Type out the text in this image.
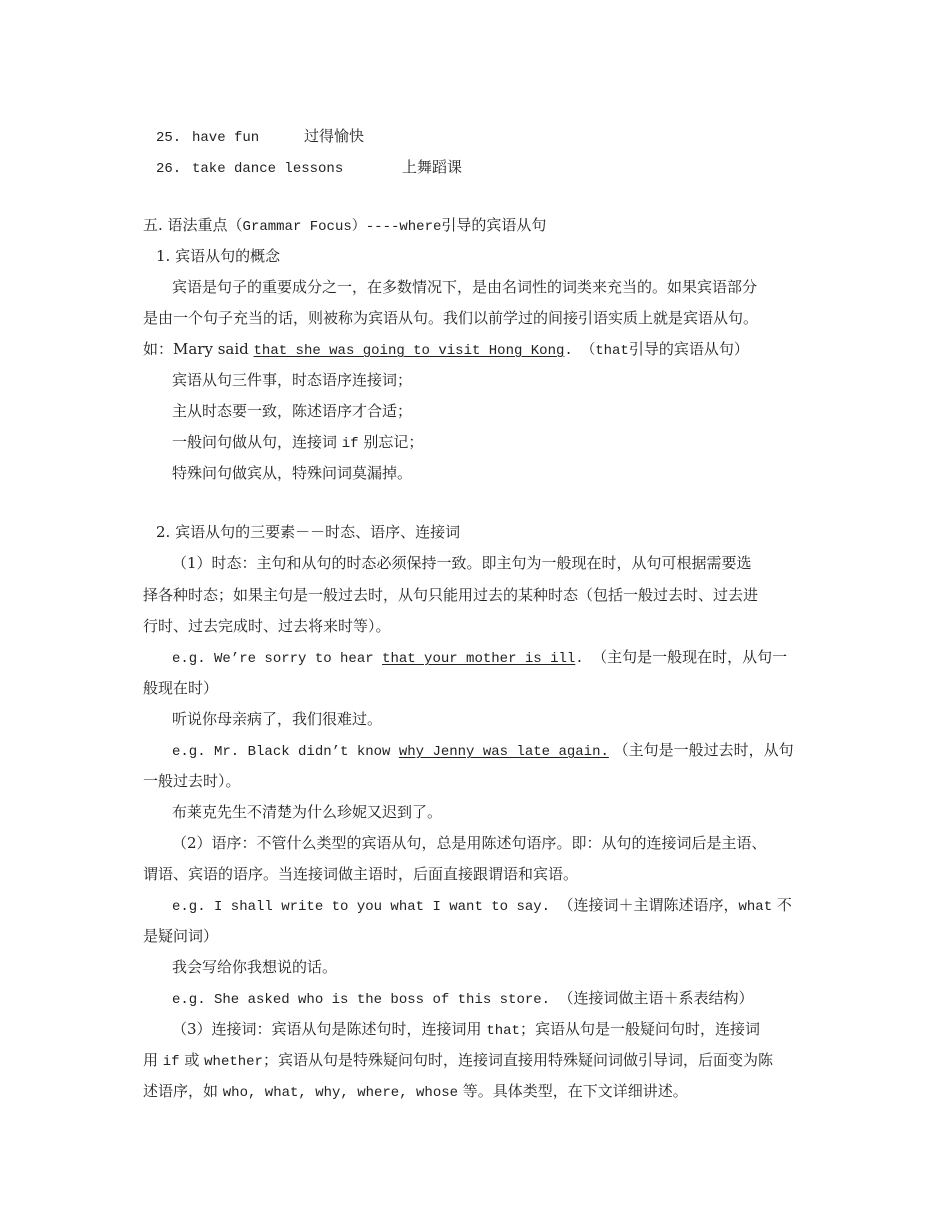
25. have fun	过得愉快
26. take dance lessons	上舞蹈课
五. 语法重点（Grammar Focus）----where引导的宾语从句
1. 宾语从句的概念
宾语是句子的重要成分之一，在多数情况下，是由名词性的词类来充当的。如果宾语部分
是由一个句子充当的话，则被称为宾语从句。我们以前学过的间接引语实质上就是宾语从句。
如：Mary said that she was going to visit Hong Kong. （that引导的宾语从句）
宾语从句三件事，时态语序连接词；
主从时态要一致，陈述语序才合适；
一般问句做从句，连接词 if 别忘记；
特殊问句做宾从，特殊问词莫漏掉。
2. 宾语从句的三要素－－时态、语序、连接词
（1）时态：主句和从句的时态必须保持一致。即主句为一般现在时，从句可根据需要选
择各种时态；如果主句是一般过去时，从句只能用过去的某种时态（包括一般过去时、过去进
行时、过去完成时、过去将来时等）。
e.g. We’re sorry to hear that your mother is ill. （主句是一般现在时，从句一
般现在时）
听说你母亲病了，我们很难过。
e.g. Mr. Black didn’t know why Jenny was late again. （主句是一般过去时，从句
一般过去时）。
布莱克先生不清楚为什么珍妮又迟到了。
（2）语序：不管什么类型的宾语从句，总是用陈述句语序。即：从句的连接词后是主语、
谓语、宾语的语序。当连接词做主语时，后面直接跟谓语和宾语。
e.g. I shall write to you what I want to say. （连接词＋主谓陈述语序，what 不
是疑问词）
我会写给你我想说的话。
e.g. She asked who is the boss of this store. （连接词做主语＋系表结构）
（3）连接词：宾语从句是陈述句时，连接词用 that；宾语从句是一般疑问句时，连接词
用 if 或 whether；宾语从句是特殊疑问句时，连接词直接用特殊疑问词做引导词，后面变为陈
述语序，如 who, what, why, where, whose 等。具体类型，在下文详细讲述。
